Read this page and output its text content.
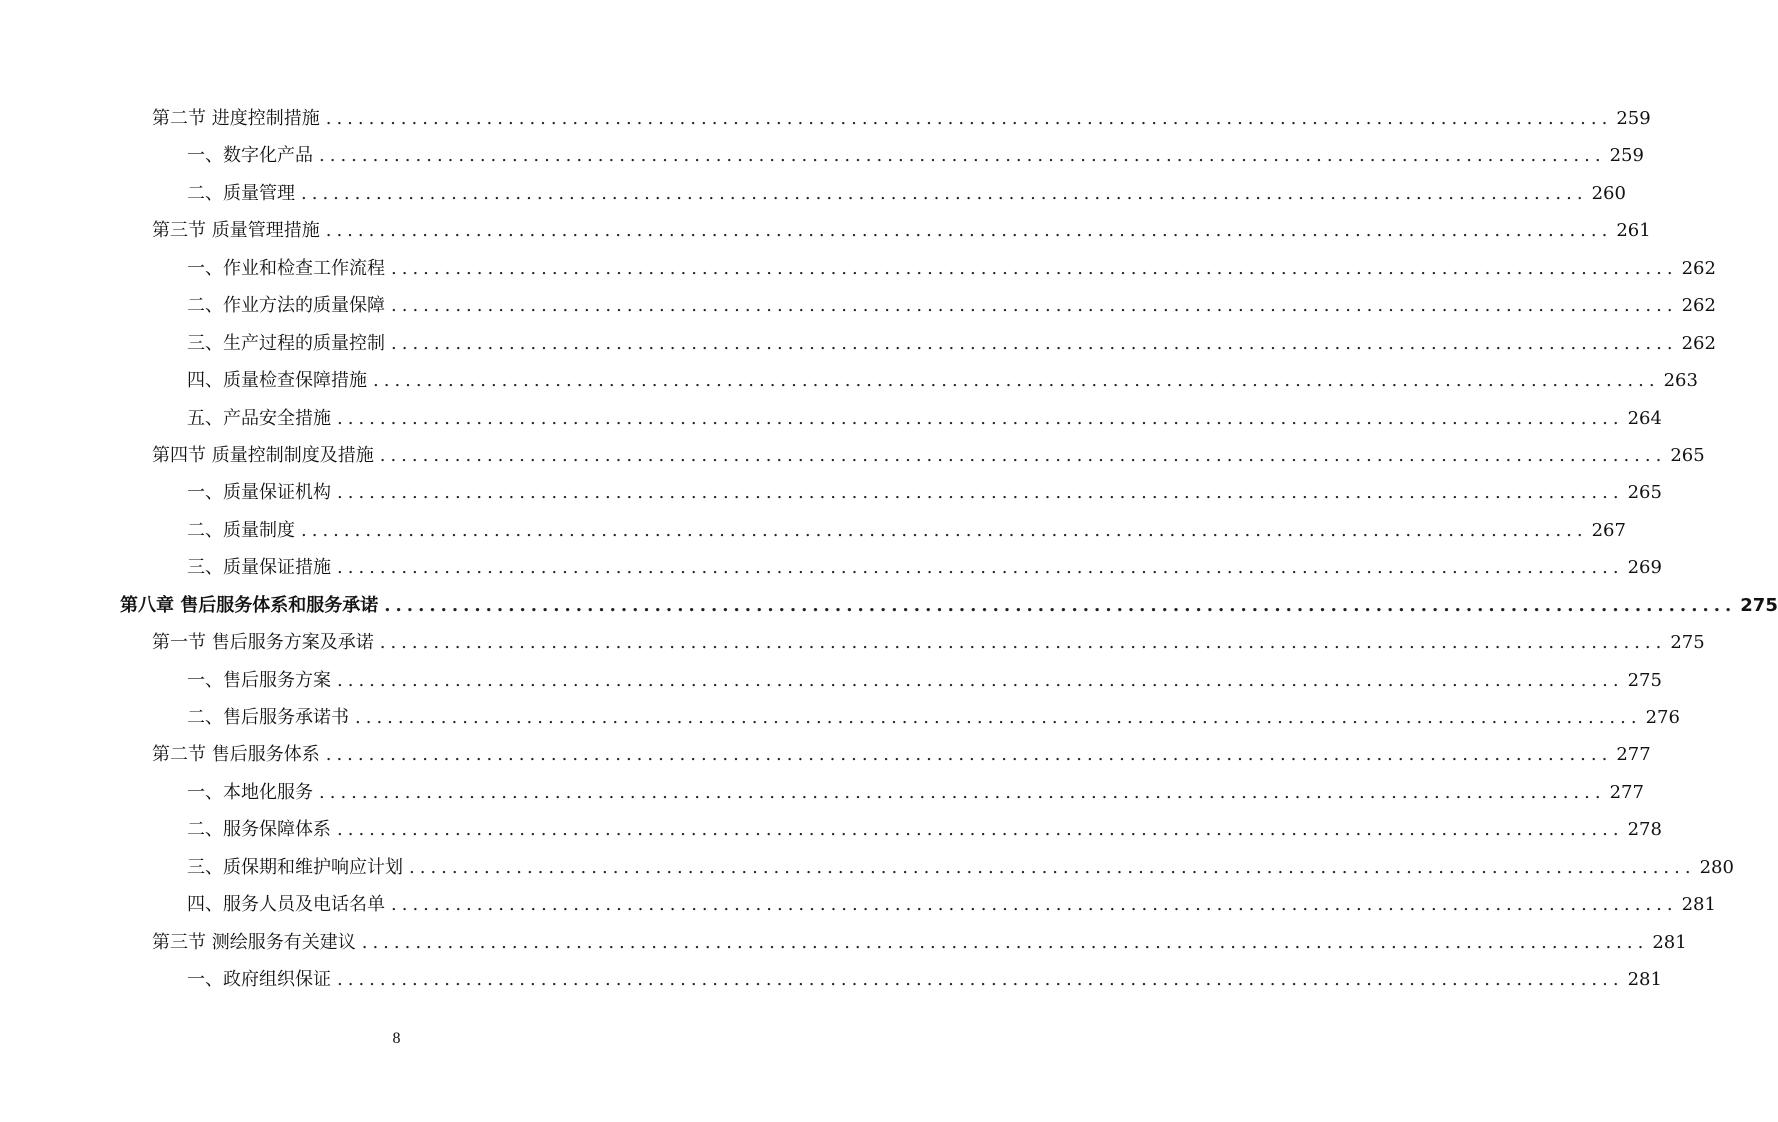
第二节 进度控制措施 ........................................................................................................................ 259
一、数字化产品 ........................................................................................................................ 259
二、质量管理 ........................................................................................................................ 260
第三节 质量管理措施 ........................................................................................................................ 261
一、作业和检查工作流程 ........................................................................................................................ 262
二、作业方法的质量保障 ........................................................................................................................ 262
三、生产过程的质量控制 ........................................................................................................................ 262
四、质量检查保障措施 ........................................................................................................................ 263
五、产品安全措施 ........................................................................................................................ 264
第四节 质量控制制度及措施 ........................................................................................................................ 265
一、质量保证机构 ........................................................................................................................ 265
二、质量制度 ........................................................................................................................ 267
三、质量保证措施 ........................................................................................................................ 269
第八章 售后服务体系和服务承诺 ........................................................................................................................ 275
第一节 售后服务方案及承诺 ........................................................................................................................ 275
一、售后服务方案 ........................................................................................................................ 275
二、售后服务承诺书 ........................................................................................................................ 276
第二节 售后服务体系 ........................................................................................................................ 277
一、本地化服务 ........................................................................................................................ 277
二、服务保障体系 ........................................................................................................................ 278
三、质保期和维护响应计划 ........................................................................................................................ 280
四、服务人员及电话名单 ........................................................................................................................ 281
第三节 测绘服务有关建议 ........................................................................................................................ 281
一、政府组织保证 ........................................................................................................................ 281
8
